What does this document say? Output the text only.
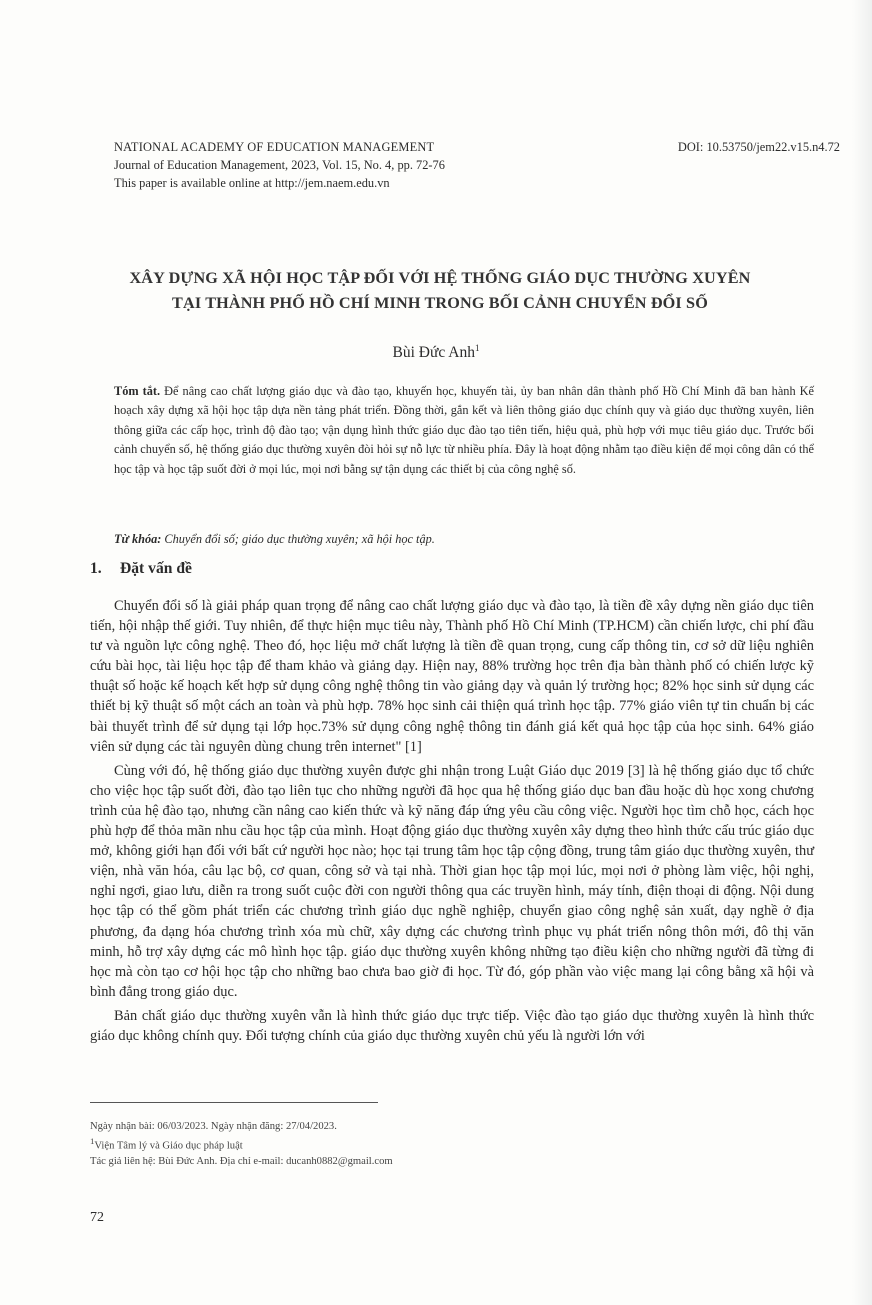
NATIONAL ACADEMY OF EDUCATION MANAGEMENT
Journal of Education Management, 2023, Vol. 15, No. 4, pp. 72-76
This paper is available online at http://jem.naem.edu.vn
DOI: 10.53750/jem22.v15.n4.72
XÂY DỰNG XÃ HỘI HỌC TẬP ĐỐI VỚI HỆ THỐNG GIÁO DỤC THƯỜNG XUYÊN
TẠI THÀNH PHỐ HỒ CHÍ MINH TRONG BỐI CẢNH CHUYỂN ĐỔI SỐ
Bùi Đức Anh$^1$
Tóm tắt. Để nâng cao chất lượng giáo dục và đào tạo, khuyến học, khuyến tài, ủy ban nhân dân thành phố Hồ Chí Minh đã ban hành Kế hoạch xây dựng xã hội học tập dựa nền tảng phát triển. Đồng thời, gắn kết và liên thông giáo dục chính quy và giáo dục thường xuyên, liên thông giữa các cấp học, trình độ đào tạo; vận dụng hình thức giáo dục đào tạo tiên tiến, hiệu quả, phù hợp với mục tiêu giáo dục. Trước bối cảnh chuyển số, hệ thống giáo dục thường xuyên đòi hỏi sự nỗ lực từ nhiều phía. Đây là hoạt động nhằm tạo điều kiện để mọi công dân có thể học tập và học tập suốt đời ở mọi lúc, mọi nơi bằng sự tận dụng các thiết bị của công nghệ số.
Từ khóa: Chuyển đổi số; giáo dục thường xuyên; xã hội học tập.
1. Đặt vấn đề

Chuyển đổi số là giải pháp quan trọng để nâng cao chất lượng giáo dục và đào tạo, là tiền đề xây dựng nền giáo dục tiên tiến, hội nhập thế giới. Tuy nhiên, để thực hiện mục tiêu này, Thành phố Hồ Chí Minh (TP.HCM) cần chiến lược, chi phí đầu tư và nguồn lực công nghệ. Theo đó, học liệu mở chất lượng là tiền đề quan trọng, cung cấp thông tin, cơ sở dữ liệu nghiên cứu bài học, tài liệu học tập để tham khảo và giảng dạy. Hiện nay, 88% trường học trên địa bàn thành phố có chiến lược kỹ thuật số hoặc kế hoạch kết hợp sử dụng công nghệ thông tin vào giảng dạy và quản lý trường học; 82% học sinh sử dụng các thiết bị kỹ thuật số một cách an toàn và phù hợp. 78% học sinh cải thiện quá trình học tập. 77% giáo viên tự tin chuẩn bị các bài thuyết trình để sử dụng tại lớp học.73% sử dụng công nghệ thông tin đánh giá kết quả học tập của học sinh. 64% giáo viên sử dụng các tài nguyên dùng chung trên internet" [1]

Cùng với đó, hệ thống giáo dục thường xuyên được ghi nhận trong Luật Giáo dục 2019 [3] là hệ thống giáo dục tổ chức cho việc học tập suốt đời, đào tạo liên tục cho những người đã học qua hệ thống giáo dục ban đầu hoặc dù học xong chương trình của hệ đào tạo, nhưng cần nâng cao kiến thức và kỹ năng đáp ứng yêu cầu công việc. Người học tìm chỗ học, cách học phù hợp để thỏa mãn nhu cầu học tập của mình. Hoạt động giáo dục thường xuyên xây dựng theo hình thức cấu trúc giáo dục mở, không giới hạn đối với bất cứ người học nào; học tại trung tâm học tập cộng đồng, trung tâm giáo dục thường xuyên, thư viện, nhà văn hóa, câu lạc bộ, cơ quan, công sở và tại nhà. Thời gian học tập mọi lúc, mọi nơi ở phòng làm việc, hội nghị, nghỉ ngơi, giao lưu, diễn ra trong suốt cuộc đời con người thông qua các truyền hình, máy tính, điện thoại di động. Nội dung học tập có thể gồm phát triển các chương trình giáo dục nghề nghiệp, chuyển giao công nghệ sản xuất, dạy nghề ở địa phương, đa dạng hóa chương trình xóa mù chữ, xây dựng các chương trình phục vụ phát triển nông thôn mới, đô thị văn minh, hỗ trợ xây dựng các mô hình học tập. giáo dục thường xuyên không những tạo điều kiện cho những người đã từng đi học mà còn tạo cơ hội học tập cho những bao chưa bao giờ đi học. Từ đó, góp phần vào việc mang lại công bằng xã hội và bình đẳng trong giáo dục.

Bản chất giáo dục thường xuyên vẫn là hình thức giáo dục trực tiếp. Việc đào tạo giáo dục thường xuyên là hình thức giáo dục không chính quy. Đối tượng chính của giáo dục thường xuyên chủ yếu là người lớn với

Ngày nhận bài: 06/03/2023. Ngày nhận đăng: 27/04/2023.
$^1$Viện Tâm lý và Giáo dục pháp luật
Tác giả liên hệ: Bùi Đức Anh. Địa chỉ e-mail: ducanh0882@gmail.com
72
